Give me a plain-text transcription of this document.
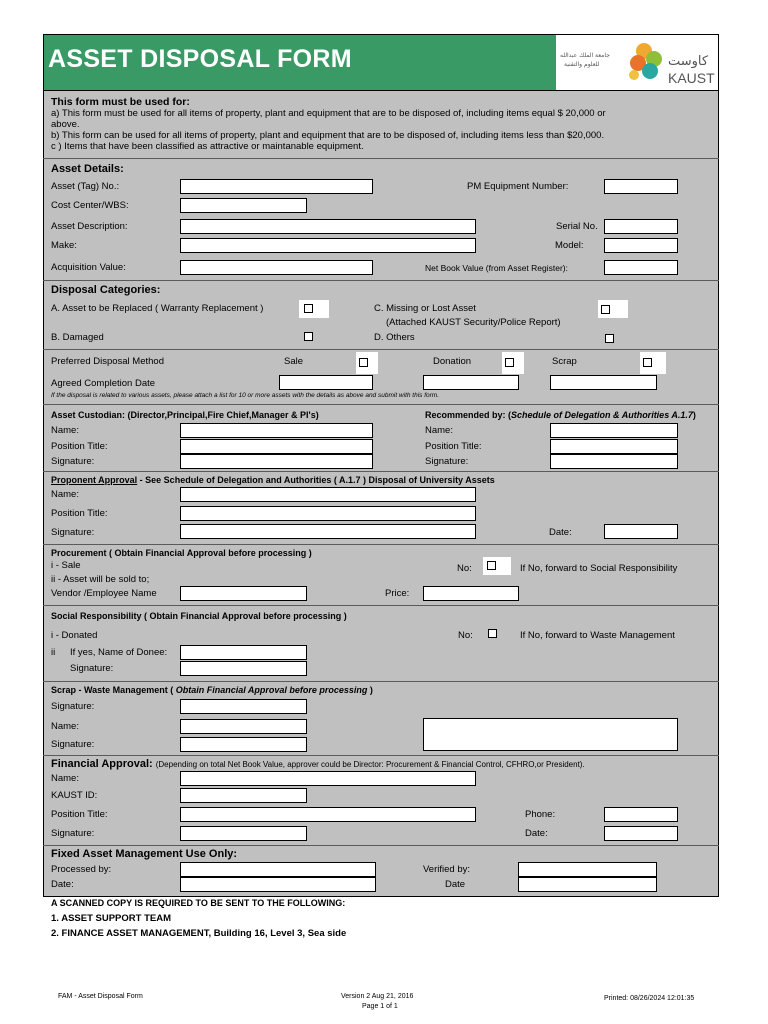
ASSET DISPOSAL FORM	جامعة الملك عبدالله
للعلوم والتقنية	كاوست
KAUST
This form must be used for:
a) This form must be used for all items of property, plant and equipment that are to be disposed of, including items equal $ 20,000 or
above.
b) This form can be used for all items of property, plant and equipment that are to be disposed of, including items less than $20,000.
c ) Items that have been classified as attractive or maintanable equipment.
Asset Details:
Asset (Tag) No.:	PM Equipment Number:
Cost Center/WBS:
Asset Description:	Serial No.
Make:	Model:
Acquisition Value:	Net Book Value (from Asset Register):
Disposal Categories:
A. Asset to be Replaced ( Warranty Replacement )	C. Missing or Lost Asset
(Attached KAUST Security/Police Report)
B. Damaged	D. Others
Preferred Disposal Method	Sale	Donation	Scrap
Agreed Completion Date
If the disposal is related to various assets, please attach a list for 10 or more assets with the details as above and submit with this form.
Asset Custodian: (Director,Principal,Fire Chief,Manager & PI's)	Recommended by: (Schedule of Delegation & Authorities A.1.7)
Name:	Name:
Position Title:	Position Title:
Signature:	Signature:
Proponent Approval - See Schedule of Delegation and Authorities ( A.1.7 ) Disposal of University Assets
Name:
Position Title:
Signature:	Date:
Procurement ( Obtain Financial Approval before processing )
i - Sale
ii - Asset will be sold to;
No:	If No, forward to Social Responsibility
Vendor /Employee Name	Price:
Social Responsibility ( Obtain Financial Approval before processing )
i - Donated	No:	If No, forward to Waste Management
ii If yes, Name of Donee:
Signature:
Scrap - Waste Management ( Obtain Financial Approval before processing )
Signature:
Name:
Signature:
Financial Approval: (Depending on total Net Book Value, approver could be Director: Procurement & Financial Control, CFHRO,or President).
Name:
KAUST ID:
Position Title:	Phone:
Signature:	Date:
Fixed Asset Management Use Only:
Processed by:	Verified by:
Date:	Date
A SCANNED COPY IS REQUIRED TO BE SENT TO THE FOLLOWING:
1. ASSET SUPPORT TEAM
2. FINANCE ASSET MANAGEMENT, Building 16, Level 3, Sea side
FAM - Asset Disposal Form	Version 2 Aug 21, 2016
Page 1 of 1
Printed: 08/26/2024 12:01:35
